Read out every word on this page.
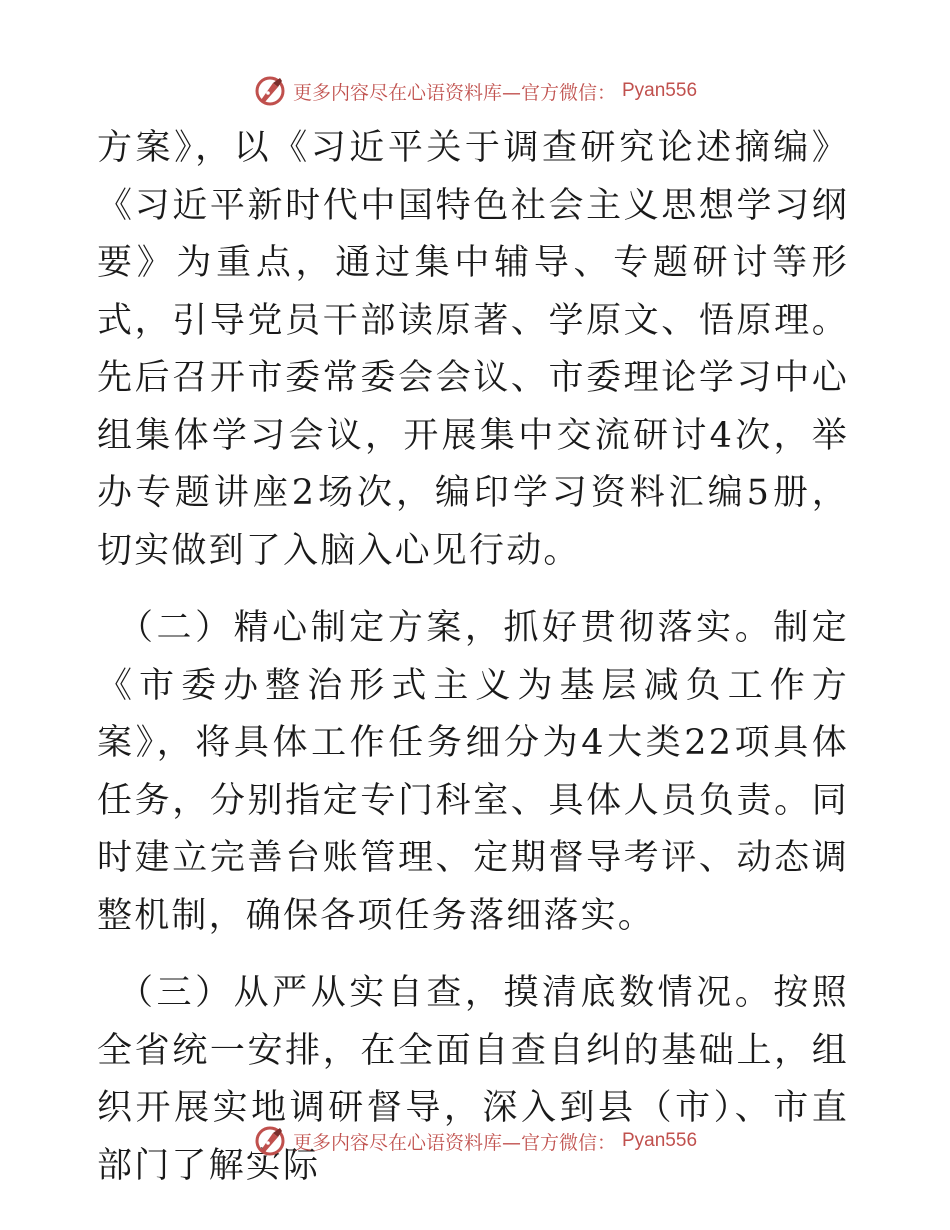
更多内容尽在心语资料库—官方微信： Pyan556

方案》，以《习近平关于调查研究论述摘编》《习近平新时代中国特色社会主义思想学习纲要》为重点，通过集中辅导、专题研讨等形式，引导党员干部读原著、学原文、悟原理。先后召开市委常委会会议、市委理论学习中心组集体学习会议，开展集中交流研讨4次，举办专题讲座2场次，编印学习资料汇编5册，切实做到了入脑入心见行动。

（二）精心制定方案，抓好贯彻落实。制定《市委办整治形式主义为基层减负工作方案》，将具体工作任务细分为4大类22项具体任务，分别指定专门科室、具体人员负责。同时建立完善台账管理、定期督导考评、动态调整机制，确保各项任务落细落实。

（三）从严从实自查，摸清底数情况。按照全省统一安排，在全面自查自纠的基础上，组织开展实地调研督导，深入到县（市）、市直部门了解实际

更多内容尽在心语资料库—官方微信： Pyan556
